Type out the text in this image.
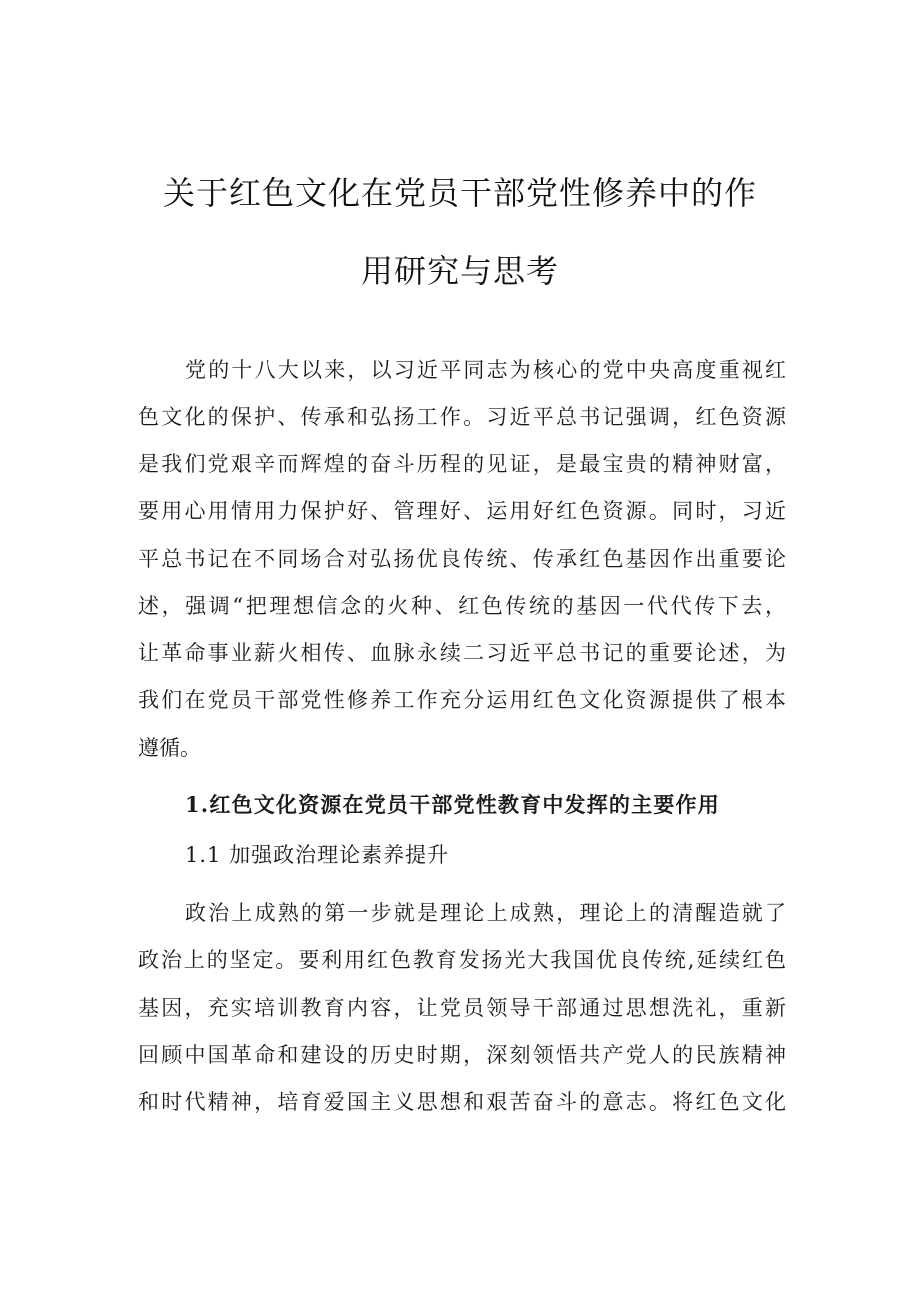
关于红色文化在党员干部党性修养中的作
用研究与思考
党的十八大以来，以习近平同志为核心的党中央高度重视红
色文化的保护、传承和弘扬工作。习近平总书记强调，红色资源
是我们党艰辛而辉煌的奋斗历程的见证，是最宝贵的精神财富，
要用心用情用力保护好、管理好、运用好红色资源。同时，习近
平总书记在不同场合对弘扬优良传统、传承红色基因作出重要论
述，强调“把理想信念的火种、红色传统的基因一代代传下去，
让革命事业薪火相传、血脉永续二习近平总书记的重要论述，为
我们在党员干部党性修养工作充分运用红色文化资源提供了根本
遵循。
1.红色文化资源在党员干部党性教育中发挥的主要作用
1.1 加强政治理论素养提升
政治上成熟的第一步就是理论上成熟，理论上的清醒造就了
政治上的坚定。要利用红色教育发扬光大我国优良传统,延续红色
基因，充实培训教育内容，让党员领导干部通过思想洗礼，重新
回顾中国革命和建设的历史时期，深刻领悟共产党人的民族精神
和时代精神，培育爱国主义思想和艰苦奋斗的意志。将红色文化
